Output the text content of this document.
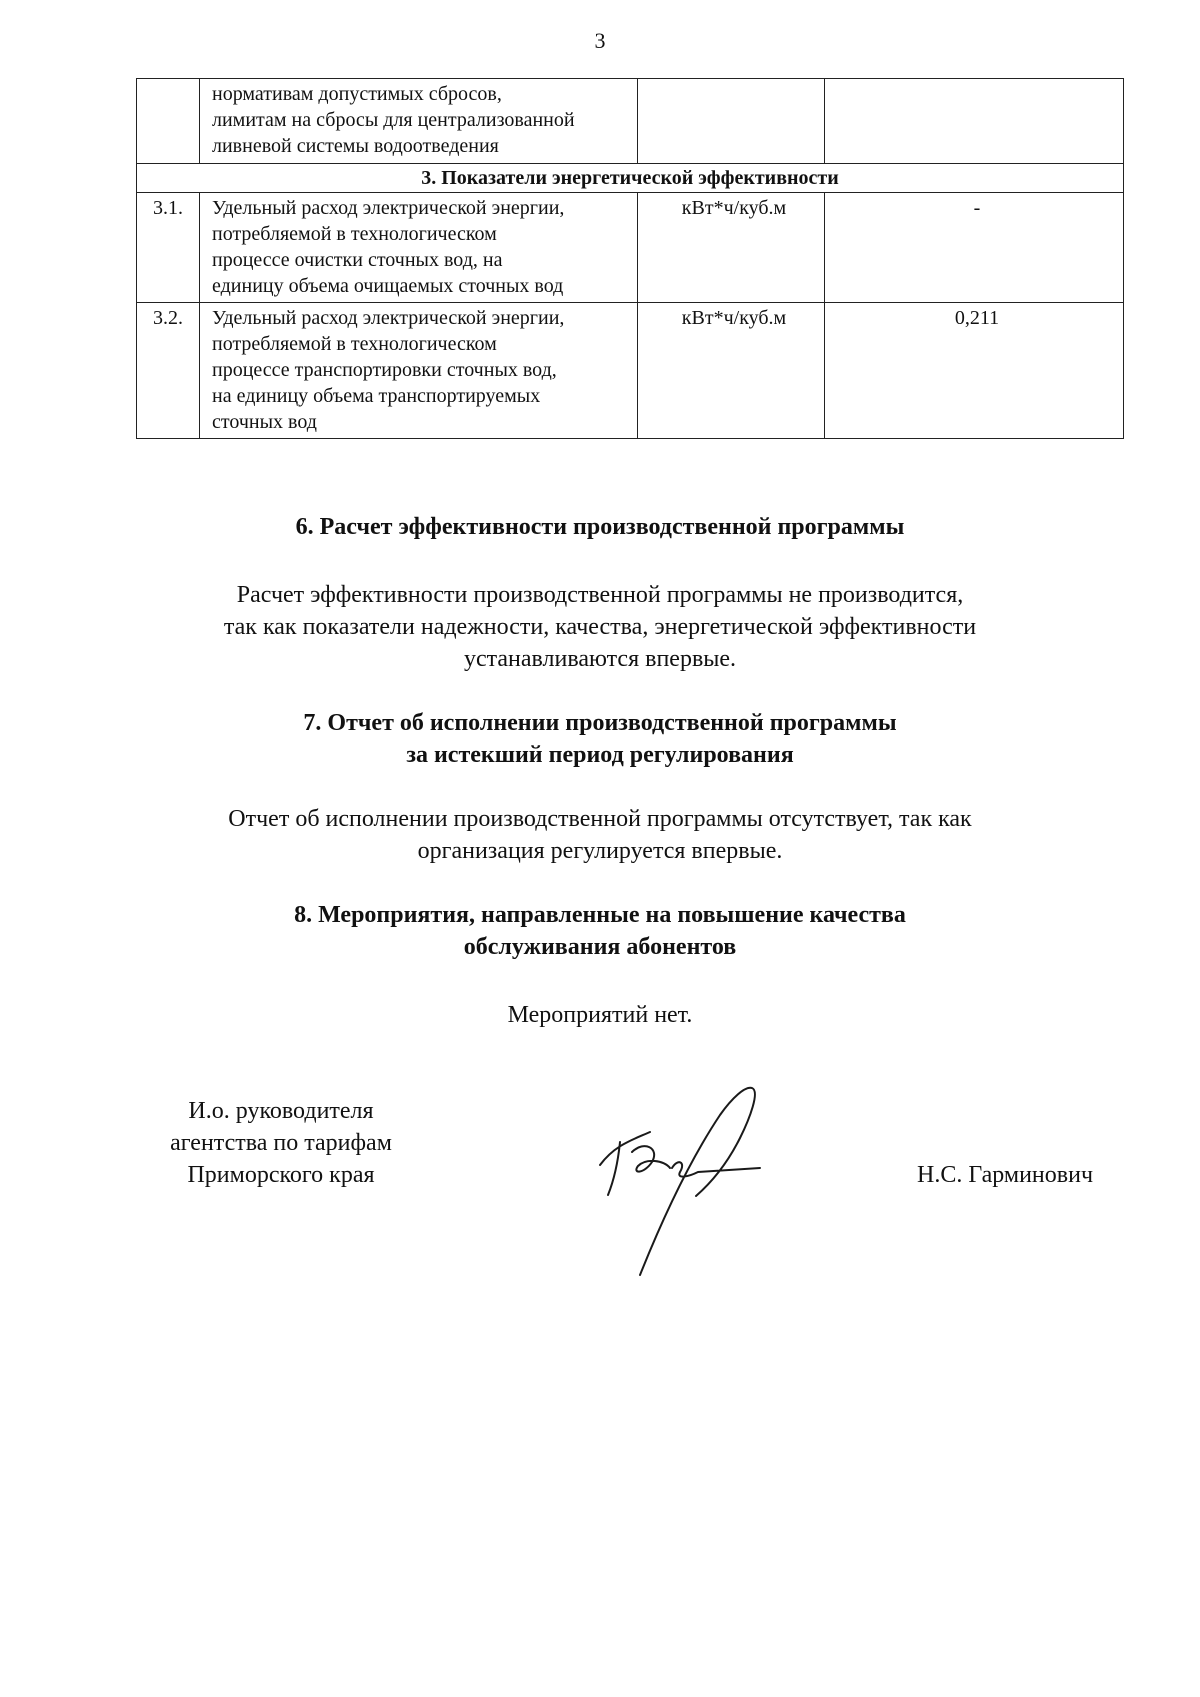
3

	нормативам допустимых сбросов,
лимитам на сбросы для централизованной
ливневой системы водоотведения		

3. Показатели энергетической эффективности			
3.1.	Удельный расход электрической энергии,
потребляемой в технологическом
процессе очистки сточных вод, на
единицу объема очищаемых сточных вод	кВт*ч/куб.м	-
3.2.	Удельный расход электрической энергии,
потребляемой в технологическом
процессе транспортировки сточных вод,
на единицу объема транспортируемых
сточных вод	кВт*ч/куб.м	0,211
6. Расчет эффективности производственной программы
Расчет эффективности производственной программы не производится,
так как показатели надежности, качества, энергетической эффективности
устанавливаются впервые.
7. Отчет об исполнении производственной программы
за истекший период регулирования
Отчет об исполнении производственной программы отсутствует, так как
организация регулируется впервые.
8. Мероприятия, направленные на повышение качества
обслуживания абонентов
Мероприятий нет.
И.о. руководителя
агентства по тарифам
Приморского края	Н.С. Гарминович
